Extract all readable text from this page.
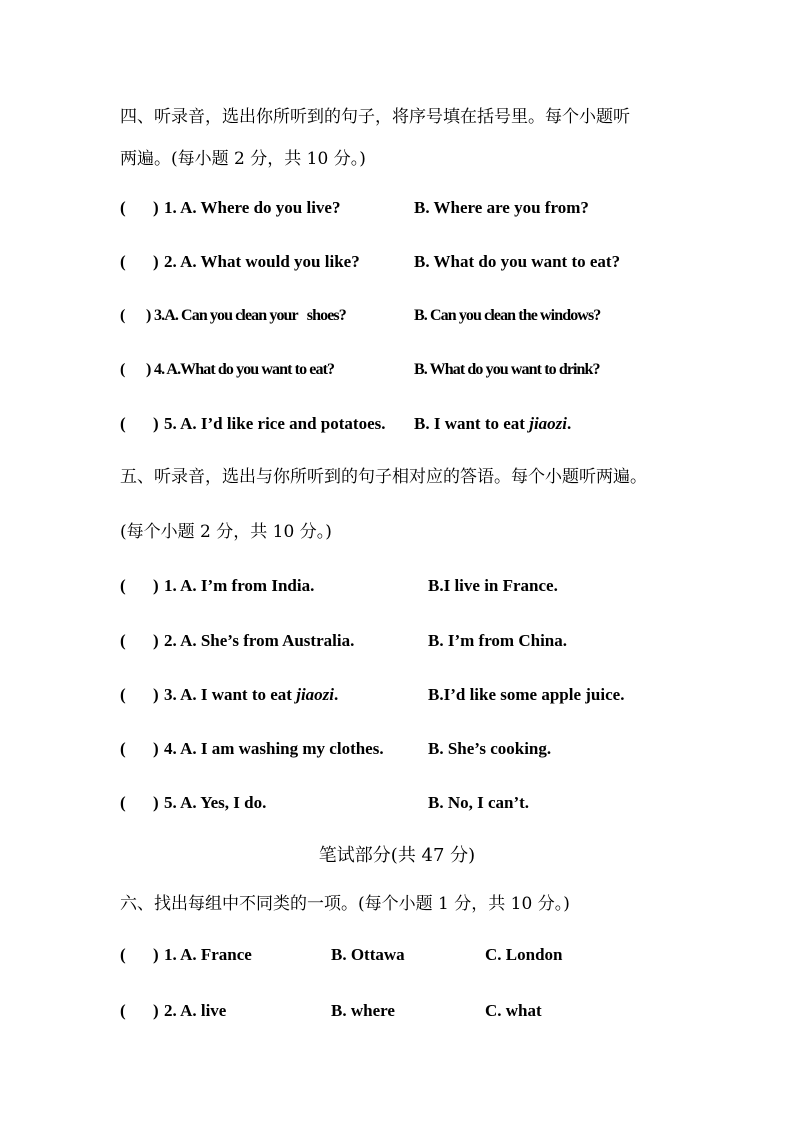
四、听录音，选出你所听到的句子，将序号填在括号里。每个小题听
两遍。(每小题 2 分，共 10 分。)
( ) 1. A. Where do you live?	B. Where are you from?
( ) 2. A. What would you like?	B. What do you want to eat?
( ) 3.A. Can you clean your   shoes?	B. Can you clean the windows?
( ) 4. A.What do you want to eat?	B. What do you want to drink?
( ) 5. A. I’d like rice and potatoes. B. I want to eat jiaozi.
五、听录音，选出与你所听到的句子相对应的答语。每个小题听两遍。
(每个小题 2 分，共 10 分。)
( ) 1. A. I’m from India.	B.I live in France.
( ) 2. A. She’s from Australia.	B. I’m from China.
( ) 3. A. I want to eat jiaozi.	B.I’d like some apple juice.
( ) 4. A. I am washing my clothes.	B. She’s cooking.
( ) 5. A. Yes, I do.	B. No, I can’t.
笔试部分(共 47 分)
六、找出每组中不同类的一项。(每个小题 1 分，共 10 分。)
( ) 1. A. France	B. Ottawa	C. London
( ) 2. A. live	B. where	C. what
